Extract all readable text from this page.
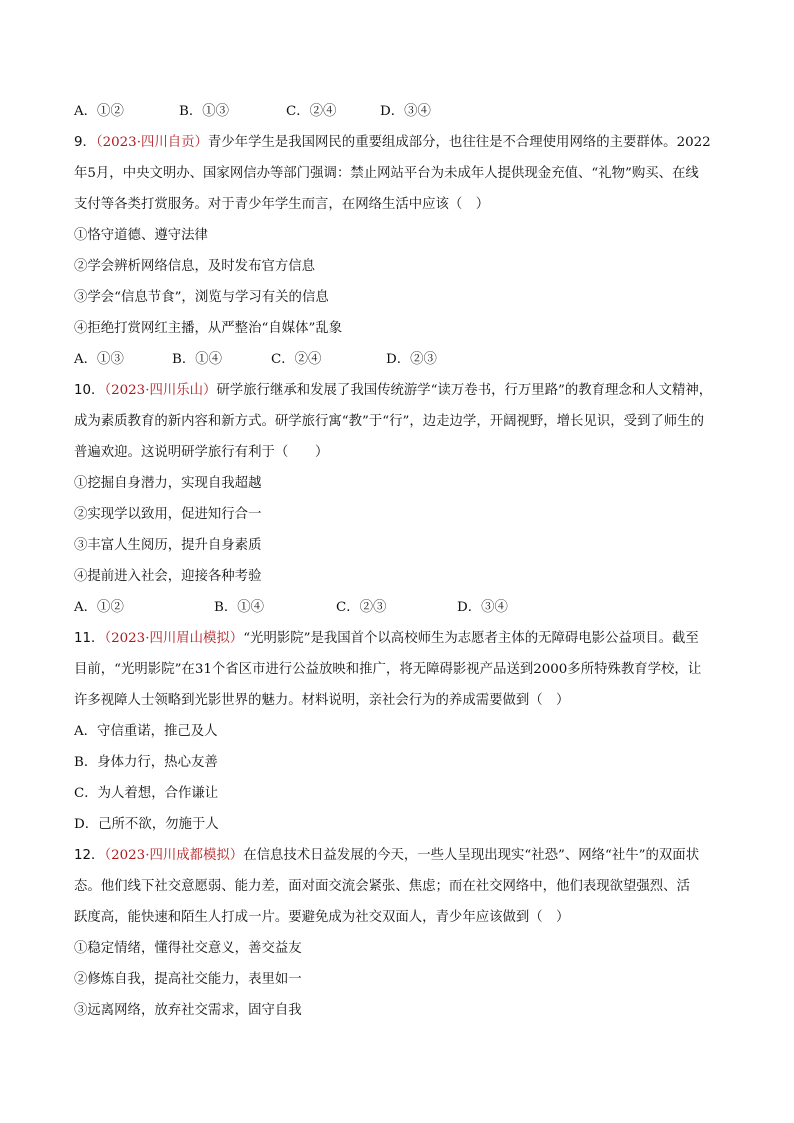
A．①②	B．①③	C．②④	D．③④
9．（2023·四川自贡）青少年学生是我国网民的重要组成部分，也往往是不合理使用网络的主要群体。2022
年5月，中央文明办、国家网信办等部门强调：禁止网站平台为未成年人提供现金充值、“礼物”购买、在线
支付等各类打赏服务。对于青少年学生而言，在网络生活中应该（　）
①恪守道德、遵守法律
②学会辨析网络信息，及时发布官方信息
③学会“信息节食”，浏览与学习有关的信息
④拒绝打赏网红主播，从严整治“自媒体”乱象
A．①③	B．①④	C．②④	D．②③
10．（2023·四川乐山）研学旅行继承和发展了我国传统游学“读万卷书，行万里路”的教育理念和人文精神，
成为素质教育的新内容和新方式。研学旅行寓“教”于“行”，边走边学，开阔视野，增长见识，受到了师生的
普遍欢迎。这说明研学旅行有利于（　　）
①挖掘自身潜力，实现自我超越
②实现学以致用，促进知行合一
③丰富人生阅历，提升自身素质
④提前进入社会，迎接各种考验
A．①②	B．①④	C．②③	D．③④
11．（2023·四川眉山模拟）“光明影院”是我国首个以高校师生为志愿者主体的无障碍电影公益项目。截至
目前，“光明影院”在31个省区市进行公益放映和推广，将无障碍影视产品送到2000多所特殊教育学校，让
许多视障人士领略到光影世界的魅力。材料说明，亲社会行为的养成需要做到（　）
A．守信重诺，推己及人
B．身体力行，热心友善
C．为人着想，合作谦让
D．己所不欲，勿施于人
12．（2023·四川成都模拟）在信息技术日益发展的今天，一些人呈现出现实“社恐”、网络“社牛”的双面状
态。他们线下社交意愿弱、能力差，面对面交流会紧张、焦虑；而在社交网络中，他们表现欲望强烈、活
跃度高，能快速和陌生人打成一片。要避免成为社交双面人，青少年应该做到（　）
①稳定情绪，懂得社交意义，善交益友
②修炼自我，提高社交能力，表里如一
③远离网络，放弃社交需求，固守自我
